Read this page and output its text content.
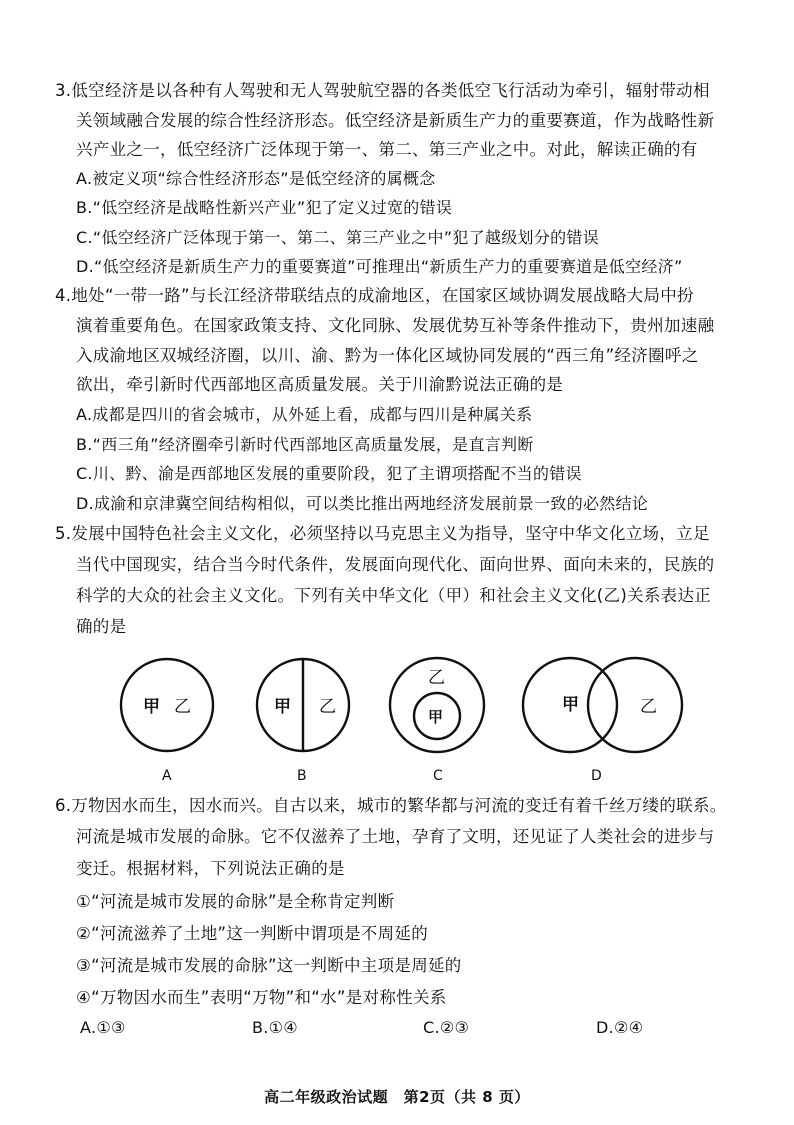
3.低空经济是以各种有人驾驶和无人驾驶航空器的各类低空飞行活动为牵引，辐射带动相
关领域融合发展的综合性经济形态。低空经济是新质生产力的重要赛道，作为战略性新
兴产业之一，低空经济广泛体现于第一、第二、第三产业之中。对此，解读正确的有
A.被定义项“综合性经济形态”是低空经济的属概念
B.“低空经济是战略性新兴产业”犯了定义过宽的错误
C.“低空经济广泛体现于第一、第二、第三产业之中”犯了越级划分的错误
D.“低空经济是新质生产力的重要赛道”可推理出“新质生产力的重要赛道是低空经济”
4.地处“一带一路”与长江经济带联结点的成渝地区，在国家区域协调发展战略大局中扮
演着重要角色。在国家政策支持、文化同脉、发展优势互补等条件推动下，贵州加速融
入成渝地区双城经济圈，以川、渝、黔为一体化区域协同发展的“西三角”经济圈呼之
欲出，牵引新时代西部地区高质量发展。关于川渝黔说法正确的是
A.成都是四川的省会城市，从外延上看，成都与四川是种属关系
B.“西三角”经济圈牵引新时代西部地区高质量发展，是直言判断
C.川、黔、渝是西部地区发展的重要阶段，犯了主谓项搭配不当的错误
D.成渝和京津冀空间结构相似，可以类比推出两地经济发展前景一致的必然结论
5.发展中国特色社会主义文化，必须坚持以马克思主义为指导，坚守中华文化立场，立足
当代中国现实，结合当今时代条件，发展面向现代化、面向世界、面向未来的，民族的
科学的大众的社会主义文化。下列有关中华文化（甲）和社会主义文化(乙)关系表达正
确的是
甲 乙
A
甲 乙
B
乙
甲
C
甲	乙
D
6.万物因水而生，因水而兴。自古以来，城市的繁华都与河流的变迁有着千丝万缕的联系。
河流是城市发展的命脉。它不仅滋养了土地，孕育了文明，还见证了人类社会的进步与
变迁。根据材料，下列说法正确的是
①“河流是城市发展的命脉”是全称肯定判断
②“河流滋养了土地”这一判断中谓项是不周延的
③“河流是城市发展的命脉”这一判断中主项是周延的
④“万物因水而生”表明“万物”和“水”是对称性关系
A.①③	B.①④	C.②③	D.②④
高二年级政治试题　第2页（共 8 页）
